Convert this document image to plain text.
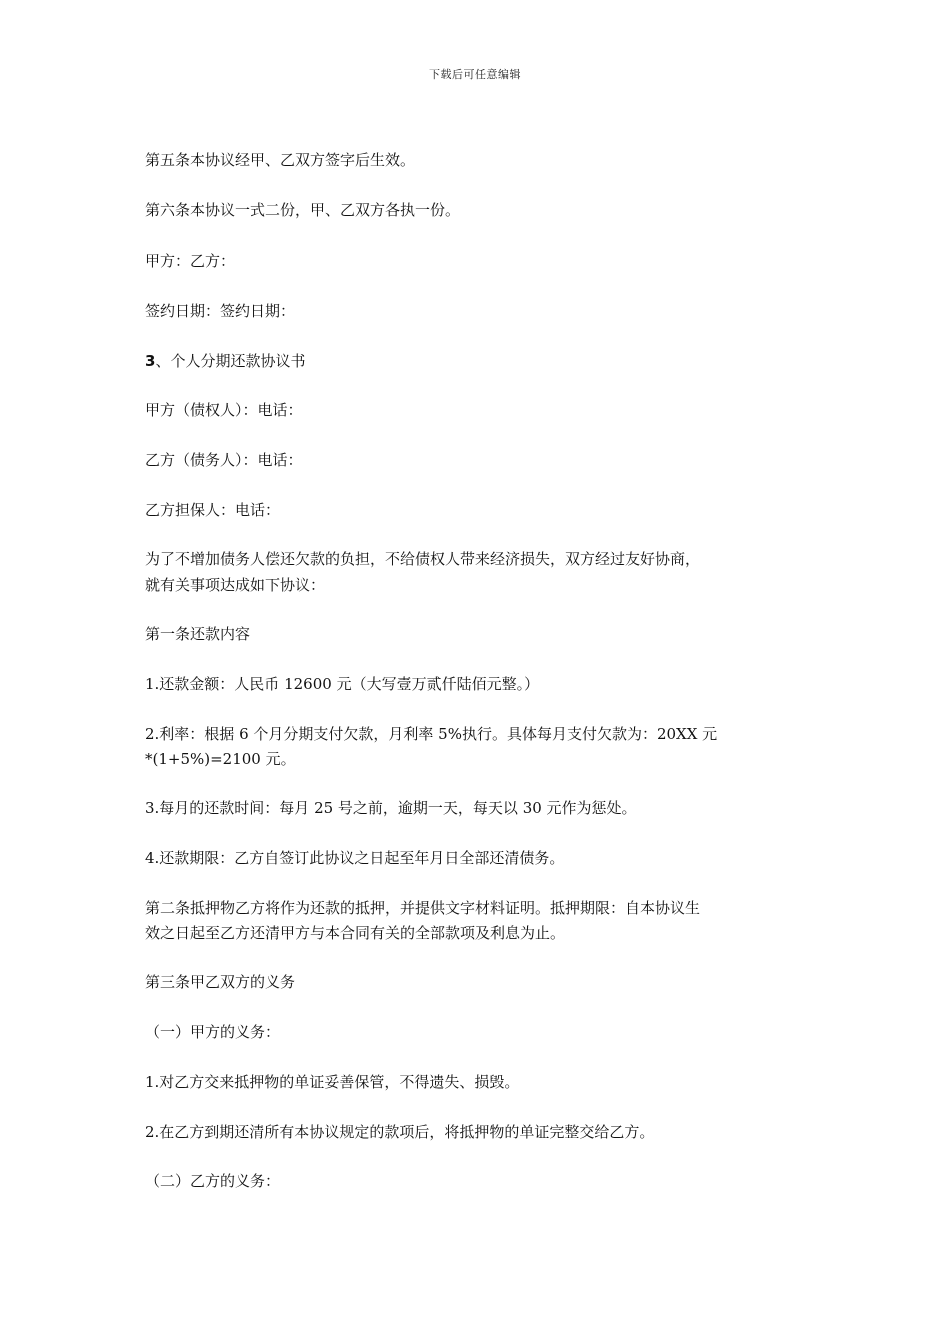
下载后可任意编辑
第五条本协议经甲、乙双方签字后生效。
第六条本协议一式二份，甲、乙双方各执一份。
甲方：乙方：
签约日期：签约日期：
3、个人分期还款协议书
甲方（债权人）：电话：
乙方（债务人）：电话：
乙方担保人：电话：
为了不增加债务人偿还欠款的负担，不给债权人带来经济损失，双方经过友好协商，
就有关事项达成如下协议：
第一条还款内容
1.还款金额：人民币 12600 元（大写壹万贰仟陆佰元整。）
2.利率：根据 6 个月分期支付欠款，月利率 5%执行。具体每月支付欠款为：20XX 元
*(1+5%)=2100 元。
3.每月的还款时间：每月 25 号之前，逾期一天，每天以 30 元作为惩处。
4.还款期限：乙方自签订此协议之日起至年月日全部还清债务。
第二条抵押物乙方将作为还款的抵押，并提供文字材料证明。抵押期限：自本协议生
效之日起至乙方还清甲方与本合同有关的全部款项及利息为止。
第三条甲乙双方的义务
（一）甲方的义务：
1.对乙方交来抵押物的单证妥善保管，不得遗失、损毁。
2.在乙方到期还清所有本协议规定的款项后，将抵押物的单证完整交给乙方。
（二）乙方的义务：
